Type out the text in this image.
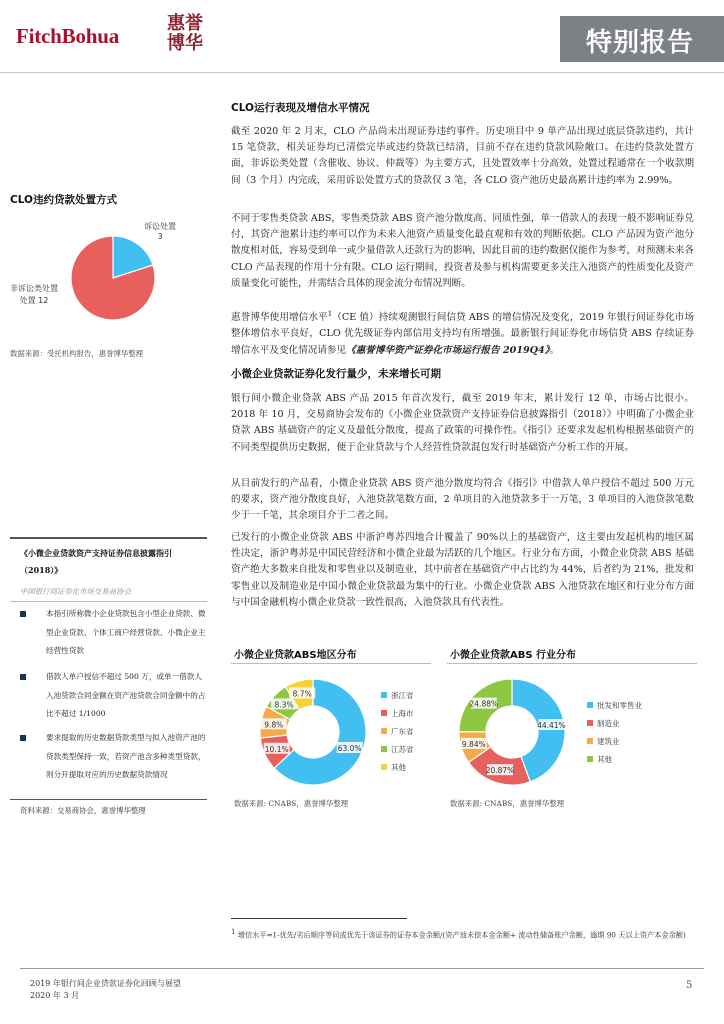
FitchBohua
惠誉博华	特别报告
CLO运行表现及增信水平情况

截至 2020 年 2 月末，CLO 产品尚未出现证券违约事件。历史项目中 9 单产品出现过底层贷款违约，共计 15 笔贷款，相关证券均已清偿完毕或违约贷款已结清，目前不存在违约贷款风险敞口。在违约贷款处置方面，非诉讼类处置（含催收、协议、仲裁等）为主要方式，且处置效率十分高效，处置过程通常在一个收款期间（3 个月）内完成，采用诉讼处置方式的贷款仅 3 笔，各 CLO 资产池历史最高累计违约率为 2.99%。

不同于零售类贷款 ABS，零售类贷款 ABS 资产池分散度高、同质性强，单一借款人的表现一般不影响证券兑付，其资产池累计违约率可以作为未来入池资产质量变化最直观和有效的判断依据。CLO 产品因为资产池分散度相对低，容易受到单一或少量借款人还款行为的影响，因此目前的违约数据仅能作为参考，对预测未来各 CLO 产品表现的作用十分有限。CLO 运行期间，投资者及参与机构需要更多关注入池资产的性质变化及资产质量变化可能性，并需结合具体的现金流分布情况判断。

惠誉博华使用增信水平$^1$（CE 值）持续观测银行间信贷 ABS 的增信情况及变化，2019 年银行间证券化市场整体增信水平良好，CLO 优先级证券内部信用支持均有所增强。最新银行间证券化市场信贷 ABS 存续证券增信水平及变化情况请参见《惠誉博华资产证券化市场运行报告 2019Q4》。

小微企业贷款证券化发行量少，未来增长可期

银行间小微企业贷款 ABS 产品 2015 年首次发行，截至 2019 年末，累计发行 12 单，市场占比很小。2018 年 10 月，交易商协会发布的《小微企业贷款资产支持证券信息披露指引（2018）》中明确了小微企业贷款 ABS 基础资产的定义及最低分散度，提高了政策的可操作性。《指引》还要求发起机构根据基础资产的不同类型提供历史数据，便于企业贷款与个人经营性贷款混包发行时基础资产分析工作的开展。

从目前发行的产品看，小微企业贷款 ABS 资产池分散度均符合《指引》中借款人单户授信不超过 500 万元的要求，资产池分散度良好，入池贷款笔数方面，2 单项目的入池贷款多于一万笔，3 单项目的入池贷款笔数少于一千笔，其余项目介于二者之间。

已发行的小微企业贷款 ABS 中浙沪粤苏四地合计覆盖了 90%以上的基础资产，这主要由发起机构的地区属性决定，浙沪粤苏是中国民营经济和小微企业最为活跃的几个地区。行业分布方面，小微企业贷款 ABS 基础资产绝大多数来自批发和零售业以及制造业，其中前者在基础资产中占比约为 44%，后者约为 21%，批发和零售业以及制造业是中国小微企业贷款最为集中的行业。小微企业贷款 ABS 入池贷款在地区和行业分布方面与中国金融机构小微企业贷款一致性很高，入池贷款具有代表性。

CLO违约贷款处置方式
诉讼处置
3
非诉讼类处置
处置 12
数据来源：受托机构报告，惠誉博华整理
《小微企业贷款资产支持证券信息披露指引（2018）》
中国银行间证券化市场交易商协会
本指引所称微小企业贷款包含小型企业贷款、微型企业贷款、个体工商户经营贷款、小微企业主经营性贷款
借款人单户授信不超过 500 万，或单一借款人入池贷款合同金额在资产池贷款合同金额中的占比不超过 1/1000
要求提取的历史数据贷款类型与拟入池资产池的贷款类型保持一致，若资产池含多种类型贷款，则分开提取对应的历史数据贷款情况
资料来源：交易商协会，惠誉博华整理
小微企业贷款ABS地区分布
63.0%
10.1%
9.8%
8.3%
8.7%	浙江省
上海市
广东省
江苏省
其他
数据来源: CNABS，惠誉博华整理
小微企业贷款ABS 行业分布
44.41%
20.87%
9.84%
24.88%	批发和零售业
制造业
建筑业
其他
数据来源: CNABS，惠誉博华整理
$^1$ 增信水平=1-优先/劣后顺序等同或优先于该证券的证券本金余额/(资产池未偿本金余额+ 流动性储备账户余额，逾期 90 天以上资产本金余额)
2019 年银行间企业贷款证券化回顾与展望
2020 年 3 月
5
